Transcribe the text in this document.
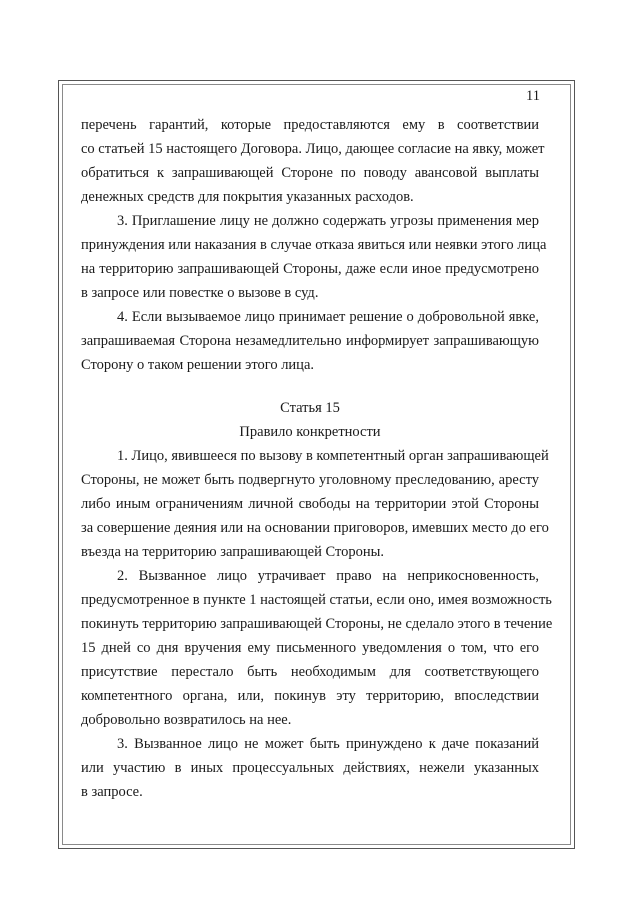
11
перечень гарантий, которые предоставляются ему в соответствии
со статьей 15 настоящего Договора. Лицо, дающее согласие на явку, может
обратиться к запрашивающей Стороне по поводу авансовой выплаты
денежных средств для покрытия указанных расходов.
3. Приглашение лицу не должно содержать угрозы применения мер
принуждения или наказания в случае отказа явиться или неявки этого лица
на территорию запрашивающей Стороны, даже если иное предусмотрено
в запросе или повестке о вызове в суд.
4. Если вызываемое лицо принимает решение о добровольной явке,
запрашиваемая Сторона незамедлительно информирует запрашивающую
Сторону о таком решении этого лица.

Статья 15

Правило конкретности

1. Лицо, явившееся по вызову в компетентный орган запрашивающей
Стороны, не может быть подвергнуто уголовному преследованию, аресту
либо иным ограничениям личной свободы на территории этой Стороны
за совершение деяния или на основании приговоров, имевших место до его
въезда на территорию запрашивающей Стороны.
2. Вызванное лицо утрачивает право на неприкосновенность,
предусмотренное в пункте 1 настоящей статьи, если оно, имея возможность
покинуть территорию запрашивающей Стороны, не сделало этого в течение
15 дней со дня вручения ему письменного уведомления о том, что его
присутствие перестало быть необходимым для соответствующего
компетентного органа, или, покинув эту территорию, впоследствии
добровольно возвратилось на нее.
3. Вызванное лицо не может быть принуждено к даче показаний
или участию в иных процессуальных действиях, нежели указанных
в запросе.
